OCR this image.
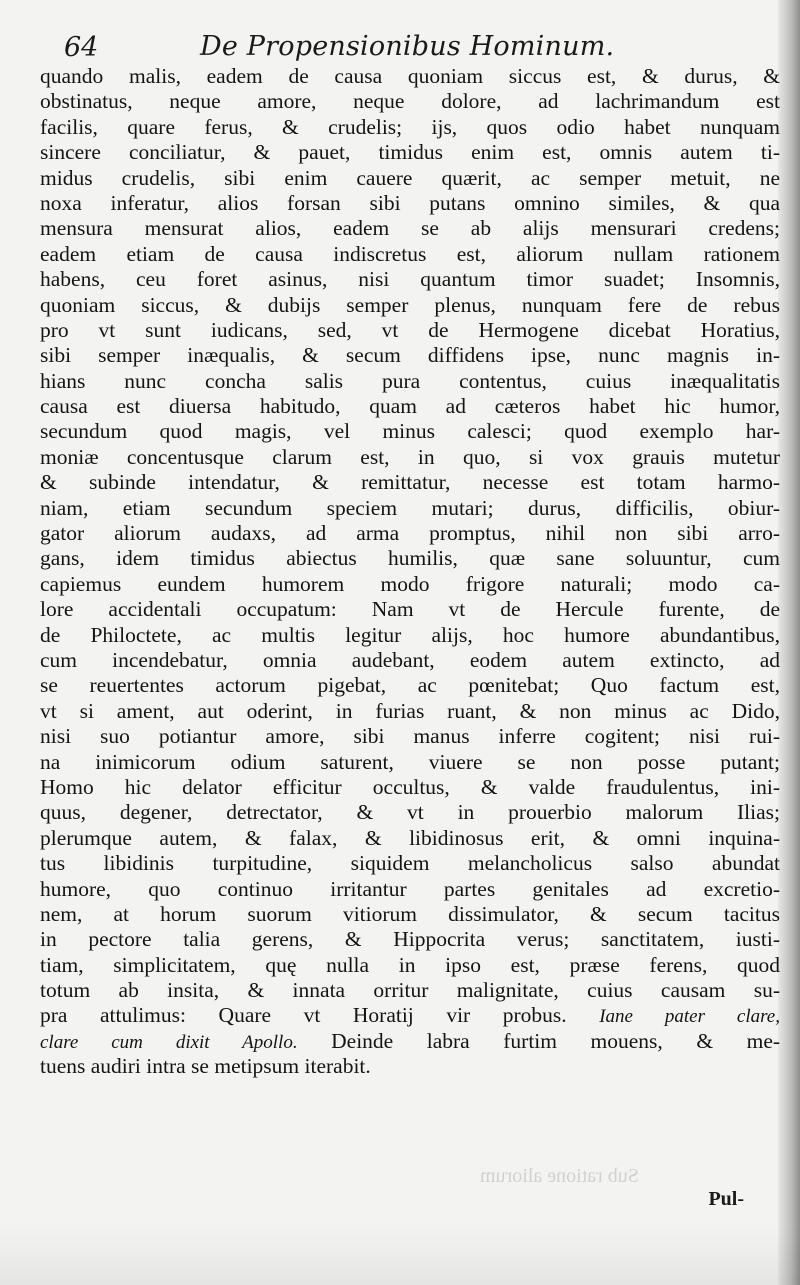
64	De Propensionibus Hominum.
quando malis, eadem de causa quoniam siccus est, & durus, &
obstinatus, neque amore, neque dolore, ad lachrimandum est
facilis, quare ferus, & crudelis; ijs, quos odio habet nunquam
sincere conciliatur, & pauet, timidus enim est, omnis autem ti-
midus crudelis, sibi enim cauere quærit, ac semper metuit, ne
noxa inferatur, alios forsan sibi putans omnino similes, & qua
mensura mensurat alios, eadem se ab alijs mensurari credens;
eadem etiam de causa indiscretus est, aliorum nullam rationem
habens, ceu foret asinus, nisi quantum timor suadet; Insomnis,
quoniam siccus, & dubijs semper plenus, nunquam fere de rebus
pro vt sunt iudicans, sed, vt de Hermogene dicebat Horatius,
sibi semper inæqualis, & secum diffidens ipse, nunc magnis in-
hians nunc concha salis pura contentus, cuius inæqualitatis
causa est diuersa habitudo, quam ad cæteros habet hic humor,
secundum quod magis, vel minus calesci; quod exemplo har-
moniæ concentusque clarum est, in quo, si vox grauis mutetur
& subinde intendatur, & remittatur, necesse est totam harmo-
niam, etiam secundum speciem mutari; durus, difficilis, obiur-
gator aliorum audaxs, ad arma promptus, nihil non sibi arro-
gans, idem timidus abiectus humilis, quæ sane soluuntur, cum
capiemus eundem humorem modo frigore naturali; modo ca-
lore accidentali occupatum: Nam vt de Hercule furente, de
de Philoctete, ac multis legitur alijs, hoc humore abundantibus,
cum incendebatur, omnia audebant, eodem autem extincto, ad
se reuertentes actorum pigebat, ac pœnitebat; Quo factum est,
vt si ament, aut oderint, in furias ruant, & non minus ac Dido,
nisi suo potiantur amore, sibi manus inferre cogitent; nisi rui-
na inimicorum odium saturent, viuere se non posse putant;
Homo hic delator efficitur occultus, & valde fraudulentus, ini-
quus, degener, detrectator, & vt in prouerbio malorum Ilias;
plerumque autem, & falax, & libidinosus erit, & omni inquina-
tus libidinis turpitudine, siquidem melancholicus salso abundat
humore, quo continuo irritantur partes genitales ad excretio-
nem, at horum suorum vitiorum dissimulator, & secum tacitus
in pectore talia gerens, & Hippocrita verus; sanctitatem, iusti-
tiam, simplicitatem, quę nulla in ipso est, præse ferens, quod
totum ab insita, & innata orritur malignitate, cuius causam su-
pra attulimus: Quare vt Horatij vir probus. Iane pater clare,
clare cum dixit Apollo. Deinde labra furtim mouens, & me-
tuens audiri intra se metipsum iterabit.
Sub ratione aliorum
Pul-
